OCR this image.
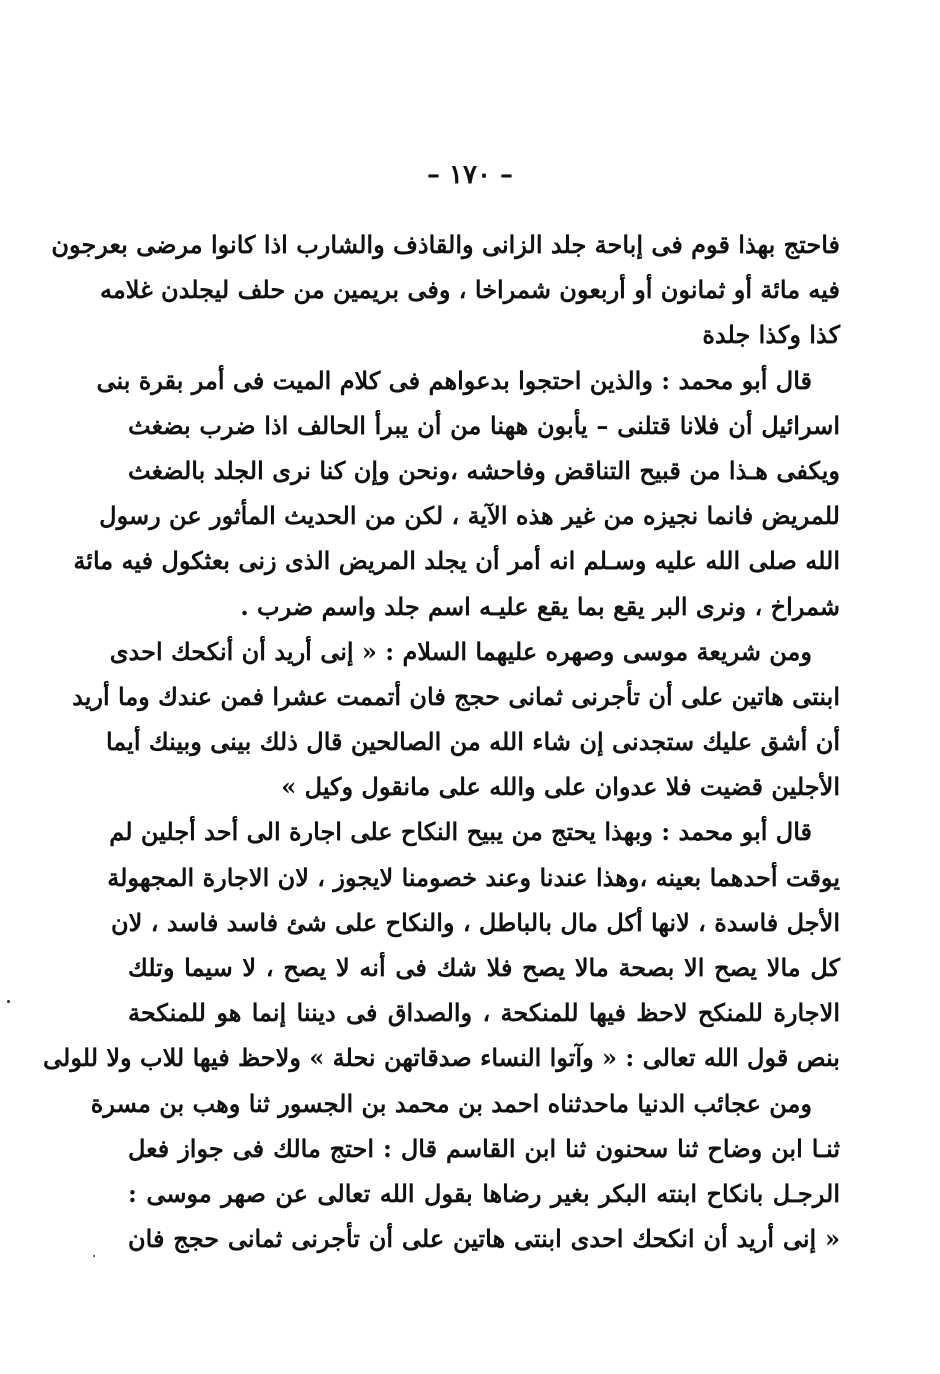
– ١٧٠ –
فاحتج بهذا قوم فى إباحة جلد الزانى والقاذف والشارب اذا كانوا مرضى بعرجون
فيه مائة أو ثمانون أو أربعون شمراخا ، وفى بريمين من حلف ليجلدن غلامه
كذا وكذا جلدة
قال أبو محمد : والذين احتجوا بدعواهم فى كلام الميت فى أمر بقرة بنى
اسرائيل أن فلانا قتلنى – يأبون ههنا من أن يبرأ الحالف اذا ضرب بضغث
ويكفى هـذا من قبيح التناقض وفاحشه ،ونحن وإن كنا نرى الجلد بالضغث
للمريض فانما نجيزه من غير هذه الآية ، لكن من الحديث المأثور عن رسول
الله صلى الله عليه وسـلم انه أمر أن يجلد المريض الذى زنى بعثكول فيه مائة
شمراخ ، ونرى البر يقع بما يقع عليـه اسم جلد واسم ضرب .
ومن شريعة موسى وصهره عليهما السلام : « إنى أريد أن أنكحك احدى
ابنتى هاتين على أن تأجرنى ثمانى حجج فان أتممت عشرا فمن عندك وما أريد
أن أشق عليك ستجدنى إن شاء الله من الصالحين قال ذلك بينى وبينك أيما
الأجلين قضيت فلا عدوان على والله على مانقول وكيل »
قال أبو محمد : وبهذا يحتج من يبيح النكاح على اجارة الى أحد أجلين لم
يوقت أحدهما بعينه ،وهذا عندنا وعند خصومنا لايجوز ، لان الاجارة المجهولة
الأجل فاسدة ، لانها أكل مال بالباطل ، والنكاح على شئ فاسد فاسد ، لان
كل مالا يصح الا بصحة مالا يصح فلا شك فى أنه لا يصح ، لا سيما وتلك
الاجارة للمنكح لاحظ فيها للمنكحة ، والصداق فى ديننا إنما هو للمنكحة
بنص قول الله تعالى : « وآتوا النساء صدقاتهن نحلة » ولاحظ فيها للاب ولا للولى
ومن عجائب الدنيا ماحدثناه احمد بن محمد بن الجسور ثنا وهب بن مسرة
ثنـا ابن وضاح ثنا سحنون ثنا ابن القاسم قال : احتج مالك فى جواز فعل
الرجـل بانكاح ابنته البكر بغير رضاها بقول الله تعالى عن صهر موسى :
« إنى أريد أن انكحك احدى ابنتى هاتين على أن تأجرنى ثمانى حجج فان
